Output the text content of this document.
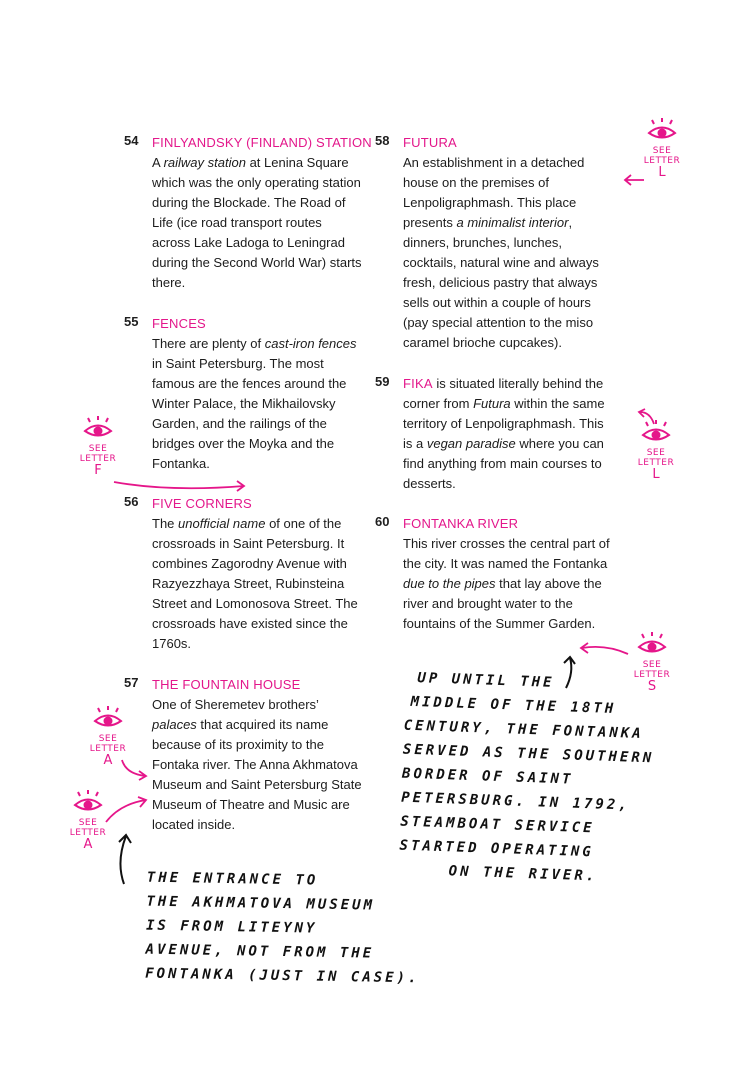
54 FINLYANDSKY (FINLAND) STATION
A railway station at Lenina Square which was the only operating station during the Blockade. The Road of Life (ice road transport routes across Lake Ladoga to Leningrad during the Second World War) starts there.
55 FENCES
There are plenty of cast-iron fences in Saint Petersburg. The most famous are the fences around the Winter Palace, the Mikhailovsky Garden, and the railings of the bridges over the Moyka and the Fontanka.
56 FIVE CORNERS
The unofficial name of one of the crossroads in Saint Petersburg. It combines Zagorodny Avenue with Razyezzhaya Street, Rubinsteina Street and Lomonosova Street. The crossroads have existed since the 1760s.
57 THE FOUNTAIN HOUSE
One of Sheremetev brothers’ palaces that acquired its name because of its proximity to the Fontaka river. The Anna Akhmatova Museum and Saint Petersburg State Museum of Theatre and Music are located inside.
58 FUTURA
An establishment in a detached house on the premises of Lenpoligraphmash. This place presents a minimalist interior, dinners, brunches, lunches, cocktails, natural wine and always fresh, delicious pastry that always sells out within a couple of hours (pay special attention to the miso caramel brioche cupcakes).
59 FIKA is situated literally behind the corner from Futura within the same territory of Lenpoligraphmash. This is a vegan paradise where you can find anything from main courses to desserts.
60 FONTANKA RIVER
This river crosses the central part of the city. It was named the Fontanka due to the pipes that lay above the river and brought water to the fountains of the Summer Garden.
UP UNTIL THE
MIDDLE OF THE 18TH
CENTURY, THE FONTANKA
SERVED AS THE SOUTHERN
BORDER OF SAINT
PETERSBURG. IN 1792,
STEAMBOAT SERVICE
STARTED OPERATING
ON THE RIVER.
THE ENTRANCE TO
THE AKHMATOVA MUSEUM
IS FROM LITEYNY
AVENUE, NOT FROM THE
FONTANKA (JUST IN CASE).
SEE LETTER
L
SEE LETTER
L
SEE LETTER
F
SEE LETTER
S
SEE LETTER
A
SEE LETTER
A
